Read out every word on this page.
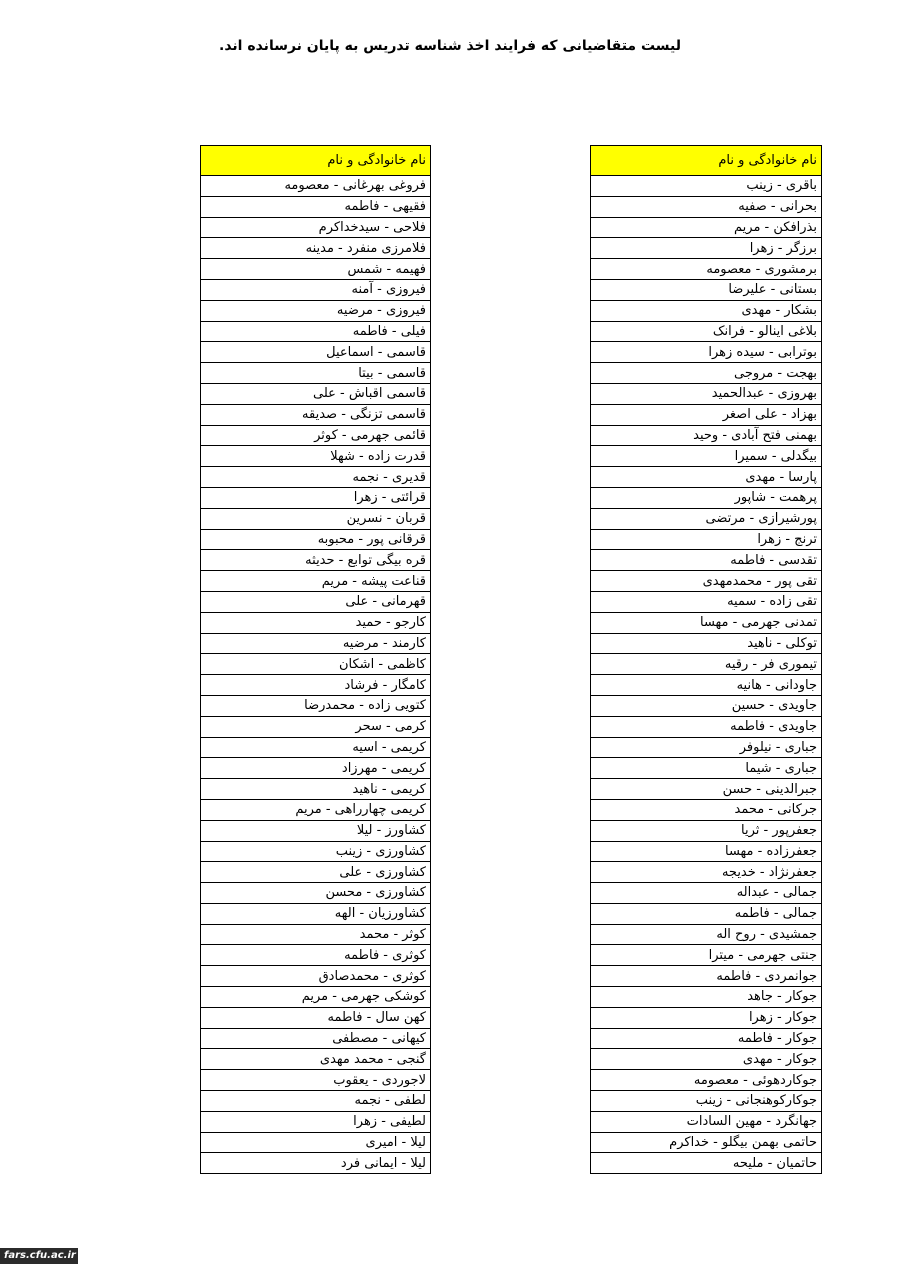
لیست متقاضیانی که فرایند اخذ شناسه تدریس به پایان نرسانده اند.
نام خانوادگی و نام
باقری - زینب
بحرانی - صفیه
بذرافکن - مریم
برزگر - زهرا
برمشوری - معصومه
بستانی - علیرضا
بشکار - مهدی
بلاغی اینالو - فرانک
بوترابی - سیده زهرا
بهجت - مروجی
بهروزی - عبدالحمید
بهزاد - علی اصغر
بهمنی فتح آبادی - وحید
بیگدلی - سمیرا
پارسا - مهدی
پرهمت - شاپور
پورشیرازی - مرتضی
ترنج - زهرا
تقدسی - فاطمه
تقی پور - محمدمهدی
تقی زاده - سمیه
تمدنی جهرمی - مهسا
توکلی - ناهید
تیموری فر - رقیه
جاودانی - هانیه
جاویدی - حسین
جاویدی - فاطمه
جباری - نیلوفر
جباری - شیما
جبرالدینی - حسن
جرکانی - محمد
جعفرپور - ثریا
جعفرزاده - مهسا
جعفرنژاد - خدیجه
جمالی - عبداله
جمالی - فاطمه
جمشیدی - روح اله
جنتی جهرمی - میترا
جوانمردی - فاطمه
جوکار - جاهد
جوکار - زهرا
جوکار - فاطمه
جوکار - مهدی
جوکاردهوئی - معصومه
جوکارکوهنجانی - زینب
جهانگرد - مهین السادات
حاتمی بهمن بیگلو - خداکرم
حاتمیان - ملیحه
نام خانوادگی و نام
فروغی بهرغانی - معصومه
فقیهی - فاطمه
فلاحی - سیدخداکرم
فلامرزی منفرد - مدینه
فهیمه - شمس
فیروزی - آمنه
فیروزی - مرضیه
فیلی - فاطمه
قاسمی - اسماعیل
قاسمی - بیتا
قاسمی اقباش - علی
قاسمی تزنگی - صدیقه
قائمی جهرمی - کوثر
قدرت زاده - شهلا
قدیری - نجمه
قرائتی - زهرا
قربان - نسرین
قرقانی پور - محبوبه
قره بیگی توابع - حدیثه
قناعت پیشه - مریم
قهرمانی - علی
کارجو - حمید
کارمند - مرضیه
کاظمی - اشکان
کامگار - فرشاد
کتویی زاده - محمدرضا
کرمی - سحر
کریمی - اسیه
کریمی - مهرزاد
کریمی - ناهید
کریمی چهارراهی - مریم
کشاورز - لیلا
کشاورزی - زینب
کشاورزی - علی
کشاورزی - محسن
کشاورزیان - الهه
کوثر - محمد
کوثری - فاطمه
کوثری - محمدصادق
کوشکی جهرمی - مریم
کهن سال - فاطمه
کیهانی - مصطفی
گنجی - محمد مهدی
لاجوردی - یعقوب
لطفی - نجمه
لطیفی - زهرا
لیلا - امیری
لیلا - ایمانی فرد
fars.cfu.ac.ir
